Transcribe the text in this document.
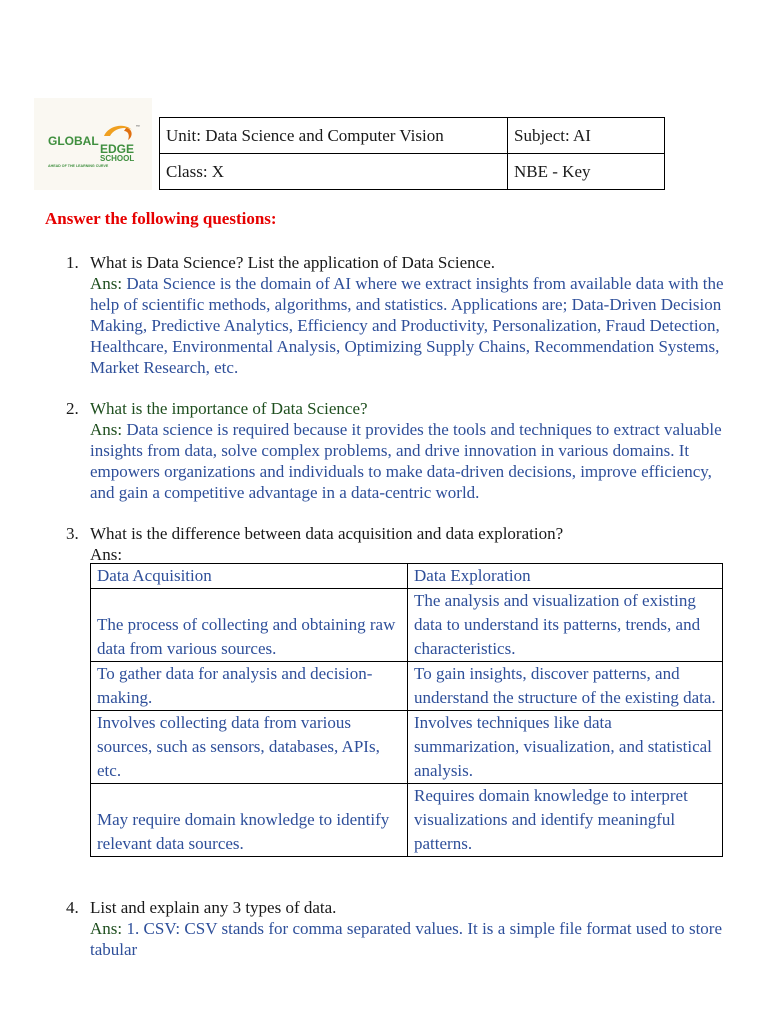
GLOBAL
EDGE
SCHOOL
AHEAD OF THE LEARNING CURVE
™ Unit: Data Science and Computer Vision	Subject: AI
Class: X	NBE - Key
Answer the following questions:
1. What is Data Science? List the application of Data Science.
Ans: Data Science is the domain of AI where we extract insights from available data with the help of scientific methods, algorithms, and statistics. Applications are; Data-Driven Decision Making, Predictive Analytics, Efficiency and Productivity, Personalization, Fraud Detection, Healthcare, Environmental Analysis, Optimizing Supply Chains, Recommendation Systems, Market Research, etc.
2. What is the importance of Data Science?
Ans: Data science is required because it provides the tools and techniques to extract valuable insights from data, solve complex problems, and drive innovation in various domains. It empowers organizations and individuals to make data-driven decisions, improve efficiency, and gain a competitive advantage in a data-centric world.
3. What is the difference between data acquisition and data exploration?
Ans:
Data Acquisition	Data Exploration
The process of collecting and obtaining raw data from various sources.	The analysis and visualization of existing data to understand its patterns, trends, and characteristics.
To gather data for analysis and decision-making.	To gain insights, discover patterns, and understand the structure of the existing data.
Involves collecting data from various sources, such as sensors, databases, APIs, etc.	Involves techniques like data summarization, visualization, and statistical analysis.
May require domain knowledge to identify relevant data sources.	Requires domain knowledge to interpret visualizations and identify meaningful patterns.
4. List and explain any 3 types of data.
Ans: 1. CSV: CSV stands for comma separated values. It is a simple file format used to store tabular
